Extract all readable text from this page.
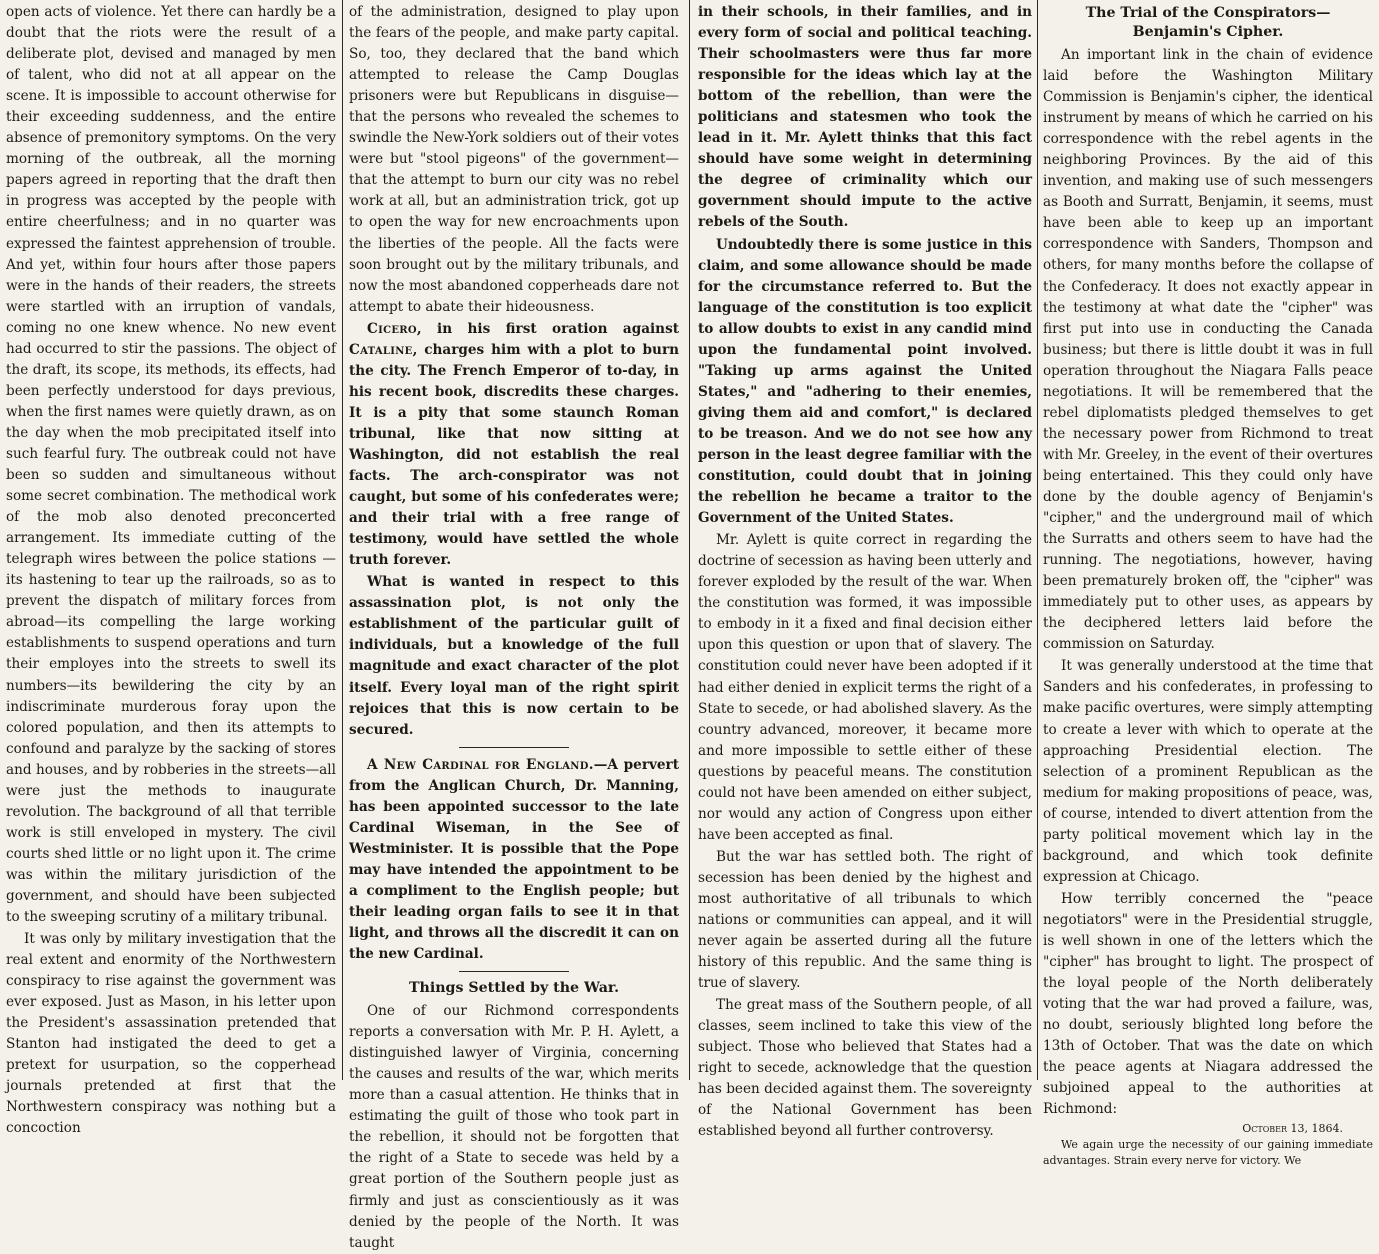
open acts of violence. Yet there can hardly be a doubt that the riots were the result of a deliberate plot, devised and managed by men of talent, who did not at all appear on the scene. It is impossible to account otherwise for their exceeding suddenness, and the entire absence of premonitory symptoms. On the very morning of the outbreak, all the morning papers agreed in reporting that the draft then in progress was accepted by the people with entire cheerfulness; and in no quarter was expressed the faintest apprehension of trouble. And yet, within four hours after those papers were in the hands of their readers, the streets were startled with an irruption of vandals, coming no one knew whence. No new event had occurred to stir the passions. The object of the draft, its scope, its methods, its effects, had been perfectly understood for days previous, when the first names were quietly drawn, as on the day when the mob precipitated itself into such fearful fury. The outbreak could not have been so sudden and simultaneous without some secret combination. The methodical work of the mob also denoted preconcerted arrangement. Its immediate cutting of the telegraph wires between the police stations —its hastening to tear up the railroads, so as to prevent the dispatch of military forces from abroad—its compelling the large working establishments to suspend operations and turn their employes into the streets to swell its numbers—its bewildering the city by an indiscriminate murderous foray upon the colored population, and then its attempts to confound and paralyze by the sacking of stores and houses, and by robberies in the streets—all were just the methods to inaugurate revolution. The background of all that terrible work is still enveloped in mystery. The civil courts shed little or no light upon it. The crime was within the military jurisdiction of the government, and should have been subjected to the sweeping scrutiny of a military tribunal.

It was only by military investigation that the real extent and enormity of the Northwestern conspiracy to rise against the government was ever exposed. Just as Mason, in his letter upon the President's assassination pretended that Stanton had instigated the deed to get a pretext for usurpation, so the copperhead journals pretended at first that the Northwestern conspiracy was nothing but a concoction

of the administration, designed to play upon the fears of the people, and make party capital. So, too, they declared that the band which attempted to release the Camp Douglas prisoners were but Republicans in disguise—that the persons who revealed the schemes to swindle the New-York soldiers out of their votes were but "stool pigeons" of the government—that the attempt to burn our city was no rebel work at all, but an administration trick, got up to open the way for new encroachments upon the liberties of the people. All the facts were soon brought out by the military tribunals, and now the most abandoned copperheads dare not attempt to abate their hideousness.

Cicero, in his first oration against Cataline, charges him with a plot to burn the city. The French Emperor of to-day, in his recent book, discredits these charges. It is a pity that some staunch Roman tribunal, like that now sitting at Washington, did not establish the real facts. The arch-conspirator was not caught, but some of his confederates were; and their trial with a free range of testimony, would have settled the whole truth forever.

What is wanted in respect to this assassination plot, is not only the establishment of the particular guilt of individuals, but a knowledge of the full magnitude and exact character of the plot itself. Every loyal man of the right spirit rejoices that this is now certain to be secured.

A New Cardinal for England.—A pervert from the Anglican Church, Dr. Manning, has been appointed successor to the late Cardinal Wiseman, in the See of Westminister. It is possible that the Pope may have intended the appointment to be a compliment to the English people; but their leading organ fails to see it in that light, and throws all the discredit it can on the new Cardinal.

Things Settled by the War.

One of our Richmond correspondents reports a conversation with Mr. P. H. Aylett, a distinguished lawyer of Virginia, concerning the causes and results of the war, which merits more than a casual attention. He thinks that in estimating the guilt of those who took part in the rebellion, it should not be forgotten that the right of a State to secede was held by a great portion of the Southern people just as firmly and just as conscientiously as it was denied by the people of the North. It was taught

in their schools, in their families, and in every form of social and political teaching. Their schoolmasters were thus far more responsible for the ideas which lay at the bottom of the rebellion, than were the politicians and statesmen who took the lead in it. Mr. Aylett thinks that this fact should have some weight in determining the degree of criminality which our government should impute to the active rebels of the South.

Undoubtedly there is some justice in this claim, and some allowance should be made for the circumstance referred to. But the language of the constitution is too explicit to allow doubts to exist in any candid mind upon the fundamental point involved. "Taking up arms against the United States," and "adhering to their enemies, giving them aid and comfort," is declared to be treason. And we do not see how any person in the least degree familiar with the constitution, could doubt that in joining the rebellion he became a traitor to the Government of the United States.

Mr. Aylett is quite correct in regarding the doctrine of secession as having been utterly and forever exploded by the result of the war. When the constitution was formed, it was impossible to embody in it a fixed and final decision either upon this question or upon that of slavery. The constitution could never have been adopted if it had either denied in explicit terms the right of a State to secede, or had abolished slavery. As the country advanced, moreover, it became more and more impossible to settle either of these questions by peaceful means. The constitution could not have been amended on either subject, nor would any action of Congress upon either have been accepted as final.

But the war has settled both. The right of secession has been denied by the highest and most authoritative of all tribunals to which nations or communities can appeal, and it will never again be asserted during all the future history of this republic. And the same thing is true of slavery.

The great mass of the Southern people, of all classes, seem inclined to take this view of the subject. Those who believed that States had a right to secede, acknowledge that the question has been decided against them. The sovereignty of the National Government has been established beyond all further controversy.

The Trial of the Conspirators—Benjamin's Cipher.

An important link in the chain of evidence laid before the Washington Military Commission is Benjamin's cipher, the identical instrument by means of which he carried on his correspondence with the rebel agents in the neighboring Provinces. By the aid of this invention, and making use of such messengers as Booth and Surratt, Benjamin, it seems, must have been able to keep up an important correspondence with Sanders, Thompson and others, for many months before the collapse of the Confederacy. It does not exactly appear in the testimony at what date the "cipher" was first put into use in conducting the Canada business; but there is little doubt it was in full operation throughout the Niagara Falls peace negotiations. It will be remembered that the rebel diplomatists pledged themselves to get the necessary power from Richmond to treat with Mr. Greeley, in the event of their overtures being entertained. This they could only have done by the double agency of Benjamin's "cipher," and the underground mail of which the Surratts and others seem to have had the running. The negotiations, however, having been prematurely broken off, the "cipher" was immediately put to other uses, as appears by the deciphered letters laid before the commission on Saturday.

It was generally understood at the time that Sanders and his confederates, in professing to make pacific overtures, were simply attempting to create a lever with which to operate at the approaching Presidential election. The selection of a prominent Republican as the medium for making propositions of peace, was, of course, intended to divert attention from the party political movement which lay in the background, and which took definite expression at Chicago.

How terribly concerned the "peace negotiators" were in the Presidential struggle, is well shown in one of the letters which the "cipher" has brought to light. The prospect of the loyal people of the North deliberately voting that the war had proved a failure, was, no doubt, seriously blighted long before the 13th of October. That was the date on which the peace agents at Niagara addressed the subjoined appeal to the authorities at Richmond:

October 13, 1864.

We again urge the necessity of our gaining immediate advantages. Strain every nerve for victory. We
